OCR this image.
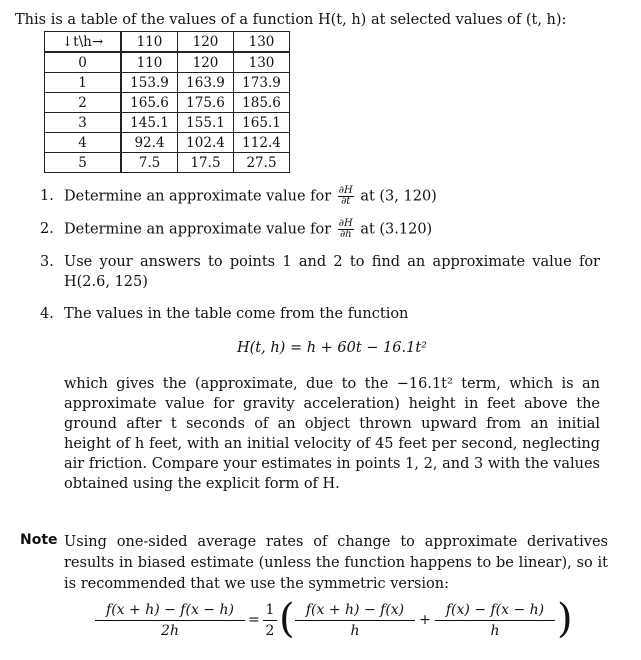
This is a table of the values of a function H(t, h) at selected values of (t, h):
↓t\h→	110	120	130
0	110	120	130
1	153.9	163.9	173.9
2	165.6	175.6	185.6
3	145.1	155.1	165.1
4	92.4	102.4	112.4
5	7.5	17.5	27.5
1. Determine an approximate value for $\frac{\partial H}{\partial t}$ at (3, 120)
2. Determine an approximate value for $\frac{\partial H}{\partial h}$ at (3.120)
3. Use your answers to points 1 and 2 to find an approximate value for H(2.6, 125)
4. The values in the table come from the function
H(t, h) = h + 60t − 16.1t²
which gives the (approximate, due to the −16.1t² term, which is an approximate value for gravity acceleration) height in feet above the ground after t seconds of an object thrown upward from an initial height of h feet, with an initial velocity of 45 feet per second, neglecting air friction. Compare your estimates in points 1, 2, and 3 with the values obtained using the explicit form of H.
Note Using one-sided average rates of change to approximate derivatives results in biased estimate (unless the function happens to be linear), so it is recommended that we use the symmetric version:
f(x + h) − f(x − h)
2h
=
1
2 ( f(x + h) − f(x)
h
+
f(x) − f(x − h)
h	)
